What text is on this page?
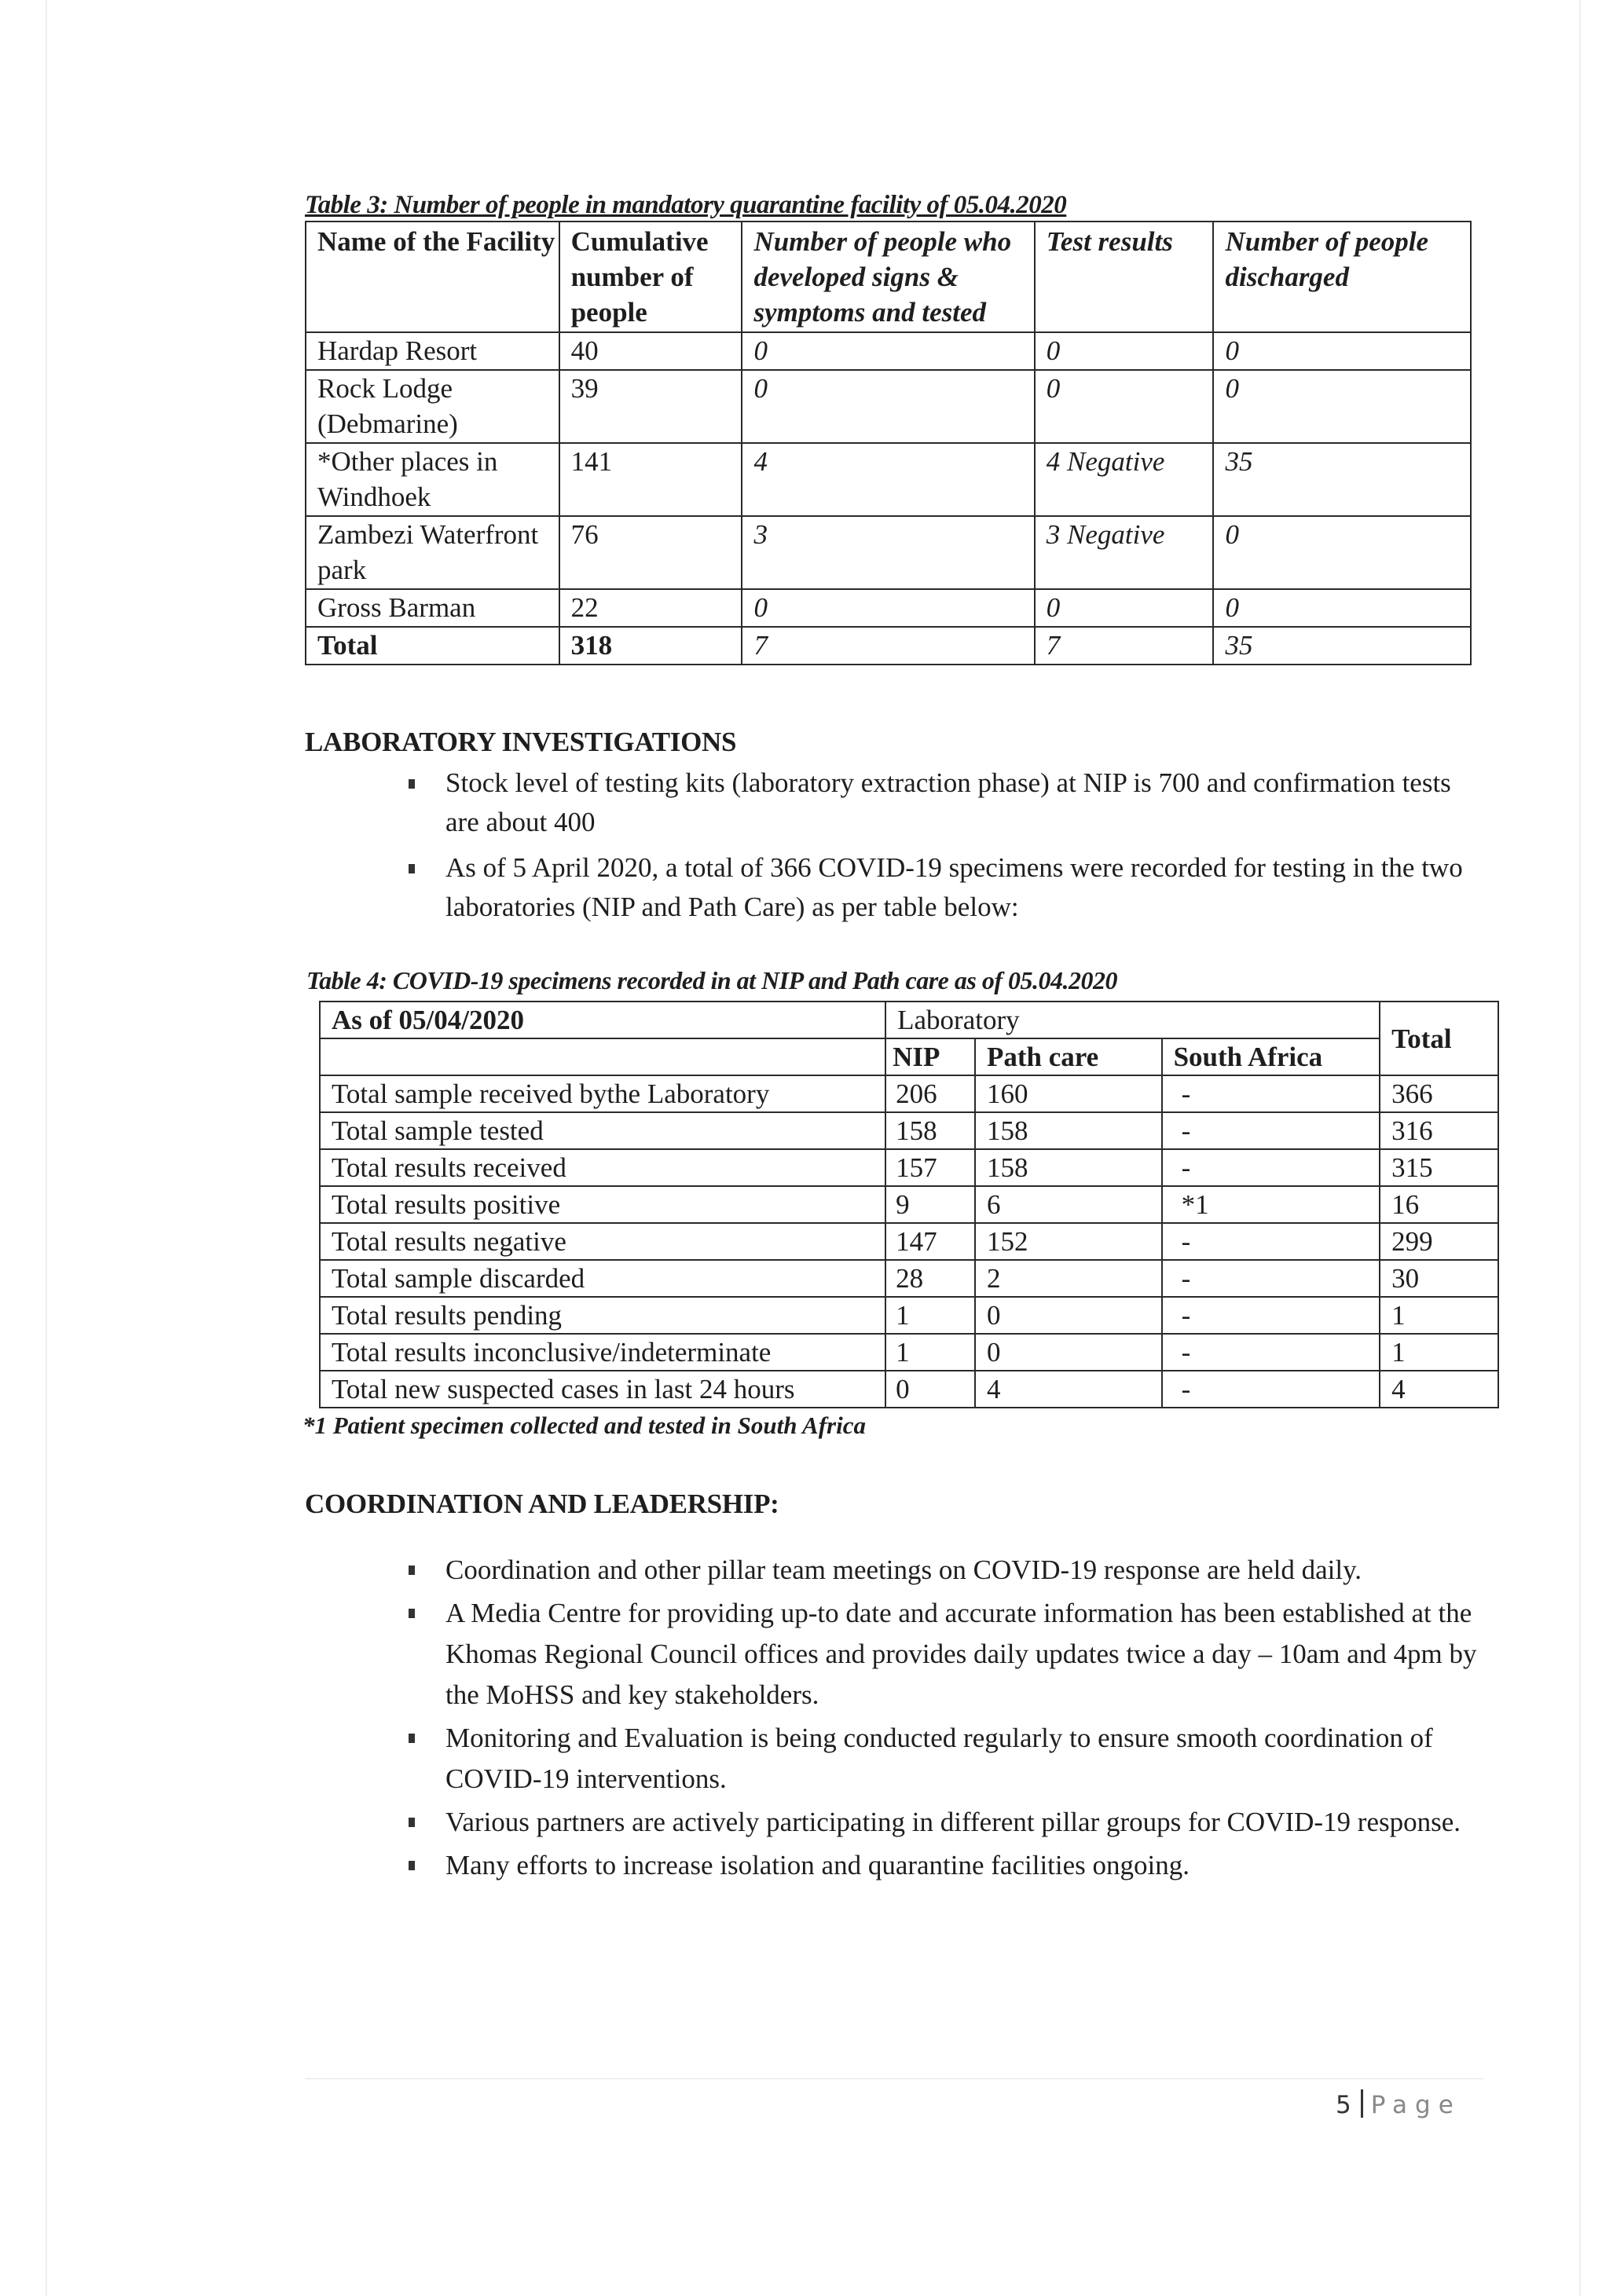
Table 3: Number of people in mandatory quarantine facility of 05.04.2020
Name of the Facility	Cumulative number of people	Number of people who developed signs & symptoms and tested	Test results	Number of people discharged
Hardap Resort	40	0	0	0
Rock Lodge (Debmarine)	39	0	0	0
*Other places in Windhoek	141	4	4 Negative	35
Zambezi Waterfront park	76	3	3 Negative	0
Gross Barman	22	0	0	0
Total	318	7	7	35
LABORATORY INVESTIGATIONS
Stock level of testing kits (laboratory extraction phase) at NIP is 700 and confirmation tests are about 400
As of 5 April 2020, a total of 366 COVID-19 specimens were recorded for testing in the two laboratories (NIP and Path Care) as per table below:
Table 4: COVID-19 specimens recorded in at NIP and Path care as of 05.04.2020
As of 05/04/2020	Laboratory			Total
	NIP	Path care	South Africa	
Total sample received bythe Laboratory	206	160	-	366
Total sample tested	158	158	-	316
Total results received	157	158	-	315
Total results positive	9	6	*1	16
Total results negative	147	152	-	299
Total sample discarded	28	2	-	30
Total results pending	1	0	-	1
Total results inconclusive/indeterminate	1	0	-	1
Total new suspected cases in last 24 hours	0	4	-	4
*1 Patient specimen collected and tested in South Africa
COORDINATION AND LEADERSHIP:
Coordination and other pillar team meetings on COVID-19 response are held daily.
A Media Centre for providing up-to date and accurate information has been established at the Khomas Regional Council offices and provides daily updates twice a day – 10am and 4pm by the MoHSS and key stakeholders.
Monitoring and Evaluation is being conducted regularly to ensure smooth coordination of COVID-19 interventions.
Various partners are actively participating in different pillar groups for COVID-19 response.
Many efforts to increase isolation and quarantine facilities ongoing.
5 Page
